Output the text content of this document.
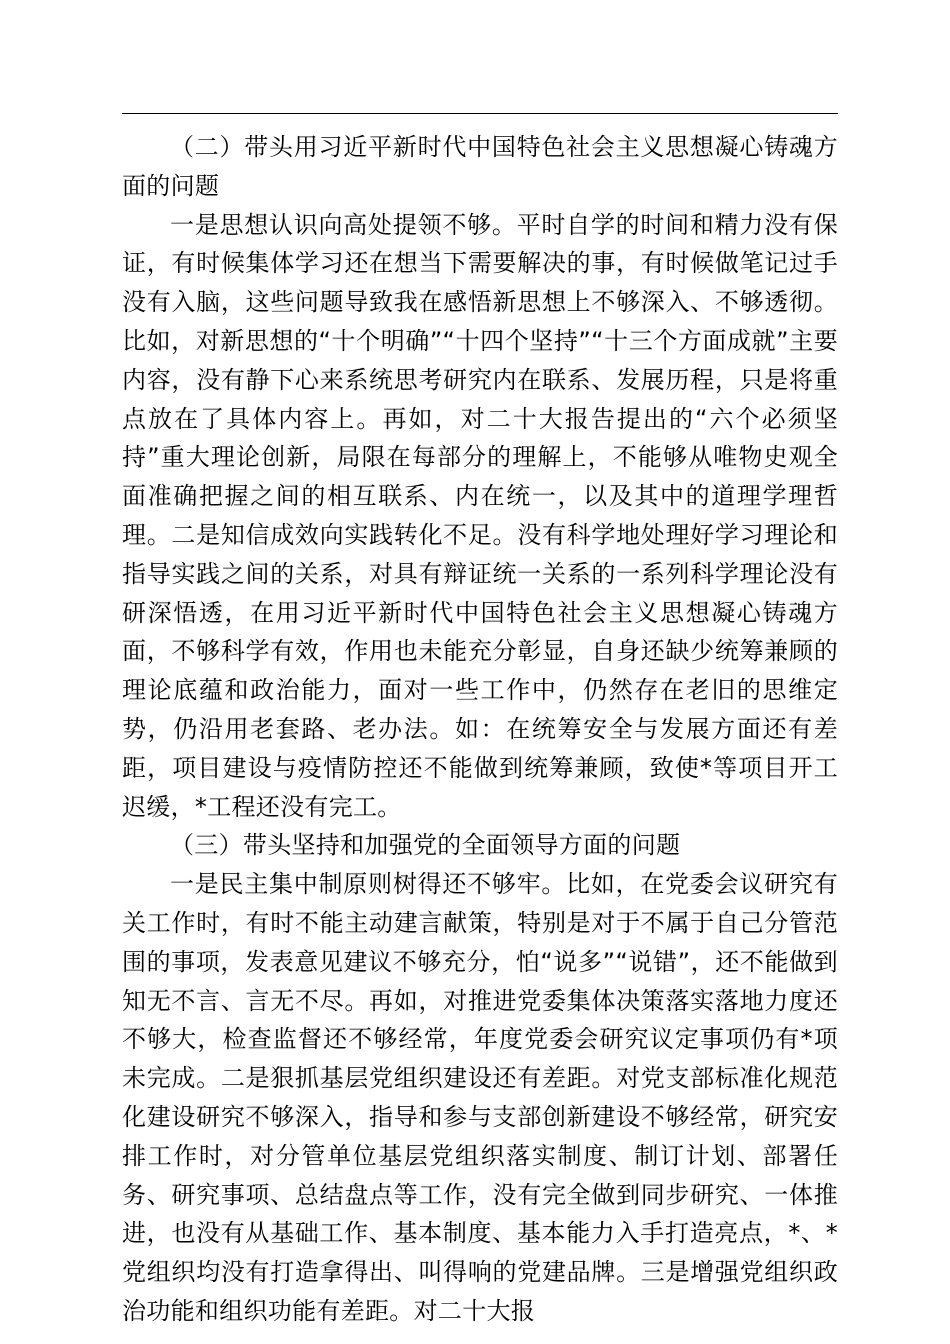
（二）带头用习近平新时代中国特色社会主义思想凝心铸魂方面的问题

一是思想认识向高处提领不够。平时自学的时间和精力没有保证，有时候集体学习还在想当下需要解决的事，有时候做笔记过手没有入脑，这些问题导致我在感悟新思想上不够深入、不够透彻。比如，对新思想的“十个明确”“十四个坚持”“十三个方面成就”主要内容，没有静下心来系统思考研究内在联系、发展历程，只是将重点放在了具体内容上。再如，对二十大报告提出的“六个必须坚持”重大理论创新，局限在每部分的理解上，不能够从唯物史观全面准确把握之间的相互联系、内在统一，以及其中的道理学理哲理。二是知信成效向实践转化不足。没有科学地处理好学习理论和指导实践之间的关系，对具有辩证统一关系的一系列科学理论没有研深悟透，在用习近平新时代中国特色社会主义思想凝心铸魂方面，不够科学有效，作用也未能充分彰显，自身还缺少统筹兼顾的理论底蕴和政治能力，面对一些工作中，仍然存在老旧的思维定势，仍沿用老套路、老办法。如：在统筹安全与发展方面还有差距，项目建设与疫情防控还不能做到统筹兼顾，致使*等项目开工迟缓，*工程还没有完工。

（三）带头坚持和加强党的全面领导方面的问题

一是民主集中制原则树得还不够牢。比如，在党委会议研究有关工作时，有时不能主动建言献策，特别是对于不属于自己分管范围的事项，发表意见建议不够充分，怕“说多”“说错”，还不能做到知无不言、言无不尽。再如，对推进党委集体决策落实落地力度还不够大，检查监督还不够经常，年度党委会研究议定事项仍有*项未完成。二是狠抓基层党组织建设还有差距。对党支部标准化规范化建设研究不够深入，指导和参与支部创新建设不够经常，研究安排工作时，对分管单位基层党组织落实制度、制订计划、部署任务、研究事项、总结盘点等工作，没有完全做到同步研究、一体推进，也没有从基础工作、基本制度、基本能力入手打造亮点，*、*党组织均没有打造拿得出、叫得响的党建品牌。三是增强党组织政治功能和组织功能有差距。对二十大报
